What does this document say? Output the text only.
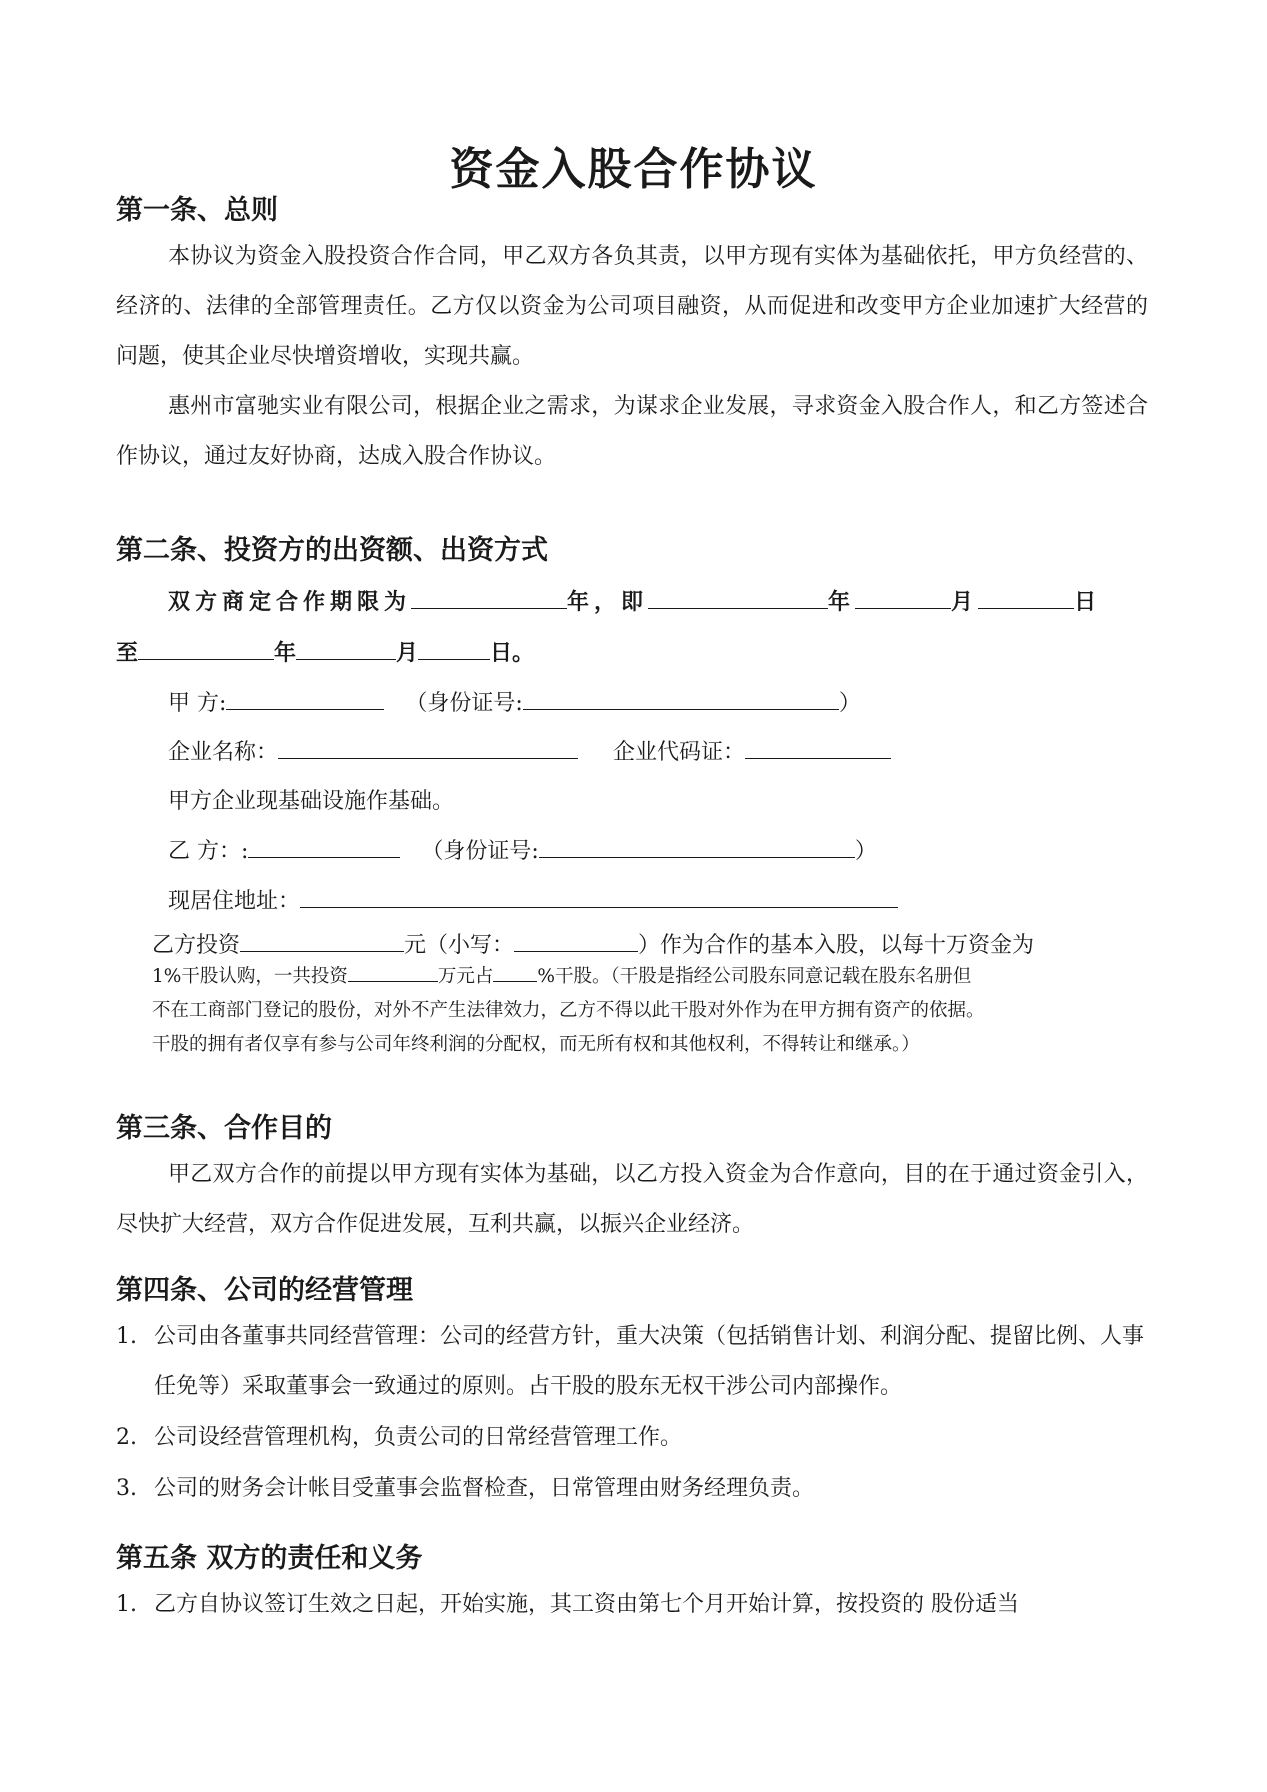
资金入股合作协议
第一条、总则

本协议为资金入股投资合作合同，甲乙双方各负其责，以甲方现有实体为基础依托，甲方负经营的、经济的、法律的全部管理责任。乙方仅以资金为公司项目融资，从而促进和改变甲方企业加速扩大经营的问题，使其企业尽快增资增收，实现共赢。

惠州市富驰实业有限公司，根据企业之需求，为谋求企业发展，寻求资金入股合作人，和乙方签述合作协议，通过友好协商，达成入股合作协议。

第二条、投资方的出资额、出资方式
双方商定合作期限为	年，即	年	月	日
至	年	月	日。
甲 方:	（身份证号:	）
企业名称：	企业代码证：
甲方企业现基础设施作基础。
乙 方：:	（身份证号:	）
现居住地址：
乙方投资	元（小写：	）作为合作的基本入股，以每十万资金为
1%干股认购，一共投资	万元占 %干股。（干股是指经公司股东同意记载在股东名册但
不在工商部门登记的股份，对外不产生法律效力，乙方不得以此干股对外作为在甲方拥有资产的依据。
干股的拥有者仅享有参与公司年终利润的分配权，而无所有权和其他权利，不得转让和继承。）
第三条、合作目的

甲乙双方合作的前提以甲方现有实体为基础，以乙方投入资金为合作意向，目的在于通过资金引入，尽快扩大经营，双方合作促进发展，互利共赢，以振兴企业经济。

第四条、公司的经营管理
1. 公司由各董事共同经营管理：公司的经营方针，重大决策（包括销售计划、利润分配、提留比例、人事任免等）采取董事会一致通过的原则。占干股的股东无权干涉公司内部操作。
2. 公司设经营管理机构，负责公司的日常经营管理工作。
3. 公司的财务会计帐目受董事会监督检查，日常管理由财务经理负责。
第五条 双方的责任和义务
1. 乙方自协议签订生效之日起，开始实施，其工资由第七个月开始计算，按投资的 股份适当
